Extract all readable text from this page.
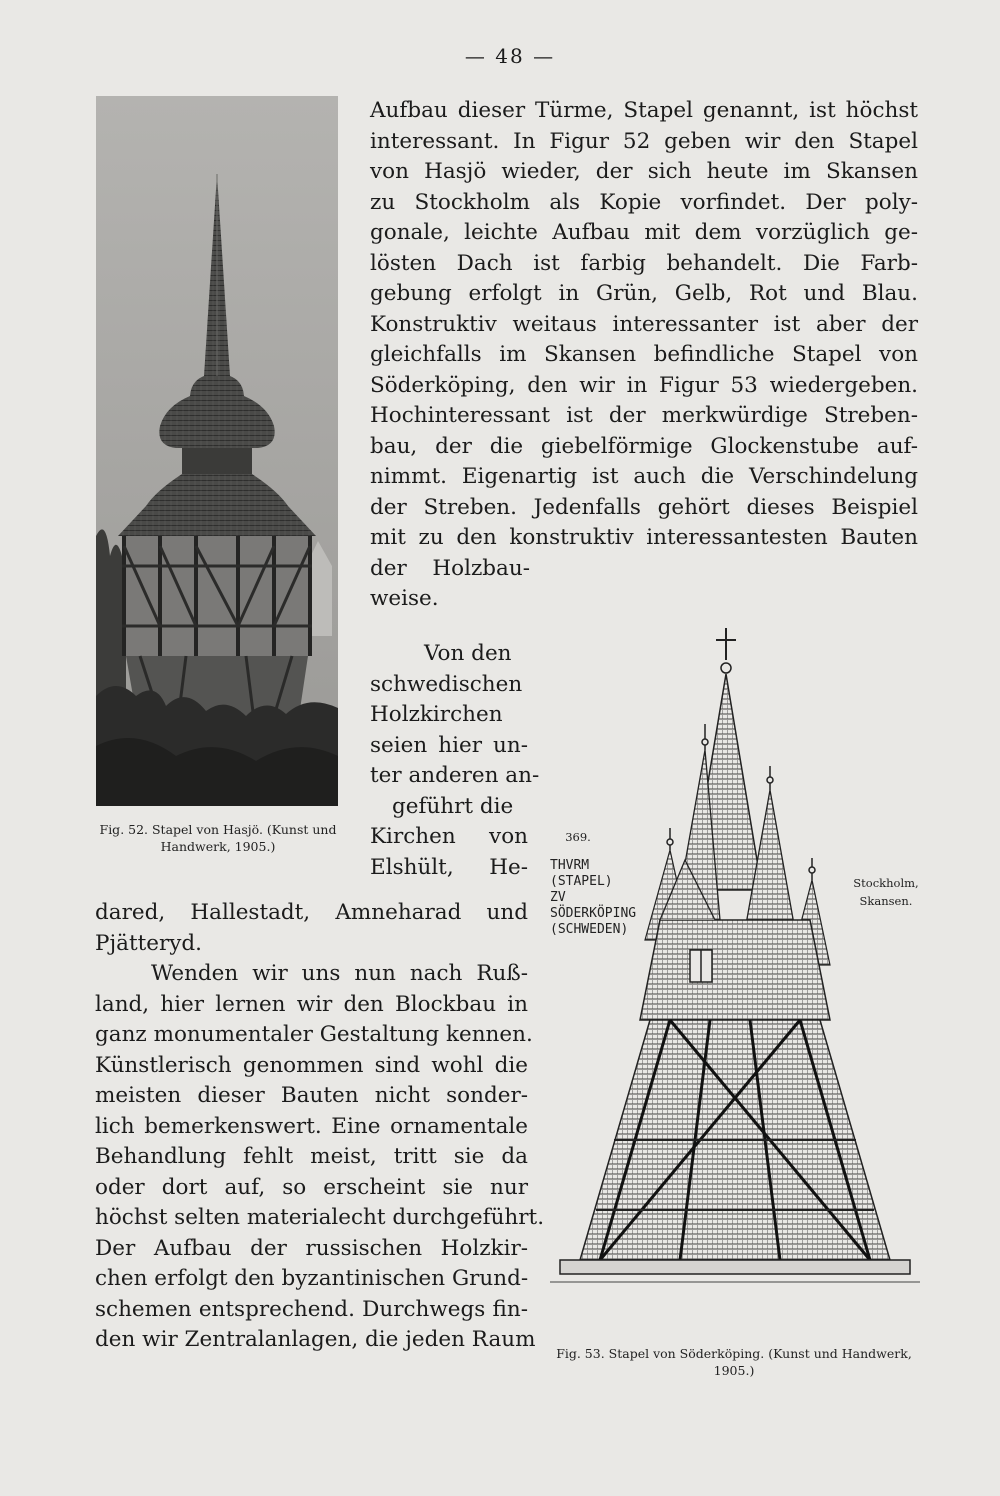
— 48 —
Fig. 52. Stapel von Hasjö. (Kunst und Handwerk, 1905.)
Aufbau dieser Türme, Stapel genannt, ist höchst
interessant. In Figur 52 geben wir den Stapel
von Hasjö wieder, der sich heute im Skansen
zu Stockholm als Kopie vorfindet. Der poly-
gonale, leichte Aufbau mit dem vorzüglich ge-
lösten Dach ist farbig behandelt. Die Farb-
gebung erfolgt in Grün, Gelb, Rot und Blau.
Konstruktiv weitaus interessanter ist aber der
gleichfalls im Skansen befindliche Stapel von
Söderköping, den wir in Figur 53 wiedergeben.
Hochinteressant ist der merkwürdige Streben-
bau, der die giebelförmige Glockenstube auf-
nimmt. Eigenartig ist auch die Verschindelung
der Streben. Jedenfalls gehört dieses Beispiel
mit zu den konstruktiv interessantesten Bauten
der Holzbau-
weise.
Von den
schwedischen
Holzkirchen
seien hier un-
ter anderen an-
geführt die
Kirchen von
Elshült, He-
dared, Hallestadt, Amneharad und
Pjätteryd.
Wenden wir uns nun nach Ruß-
land, hier lernen wir den Blockbau in
ganz monumentaler Gestaltung kennen.
Künstlerisch genommen sind wohl die
meisten dieser Bauten nicht sonder-
lich bemerkenswert. Eine ornamentale
Behandlung fehlt meist, tritt sie da
oder dort auf, so erscheint sie nur
höchst selten materialecht durchgeführt.
Der Aufbau der russischen Holzkir-
chen erfolgt den byzantinischen Grund-
schemen entsprechend. Durchwegs fin-
den wir Zentralanlagen, die jeden Raum
369.
THVRM
(STAPEL)
ZV
SÖDERKÖPING
(SCHWEDEN)
Stockholm,
Skansen.
Fig. 53. Stapel von Söderköping. (Kunst und Handwerk, 1905.)
